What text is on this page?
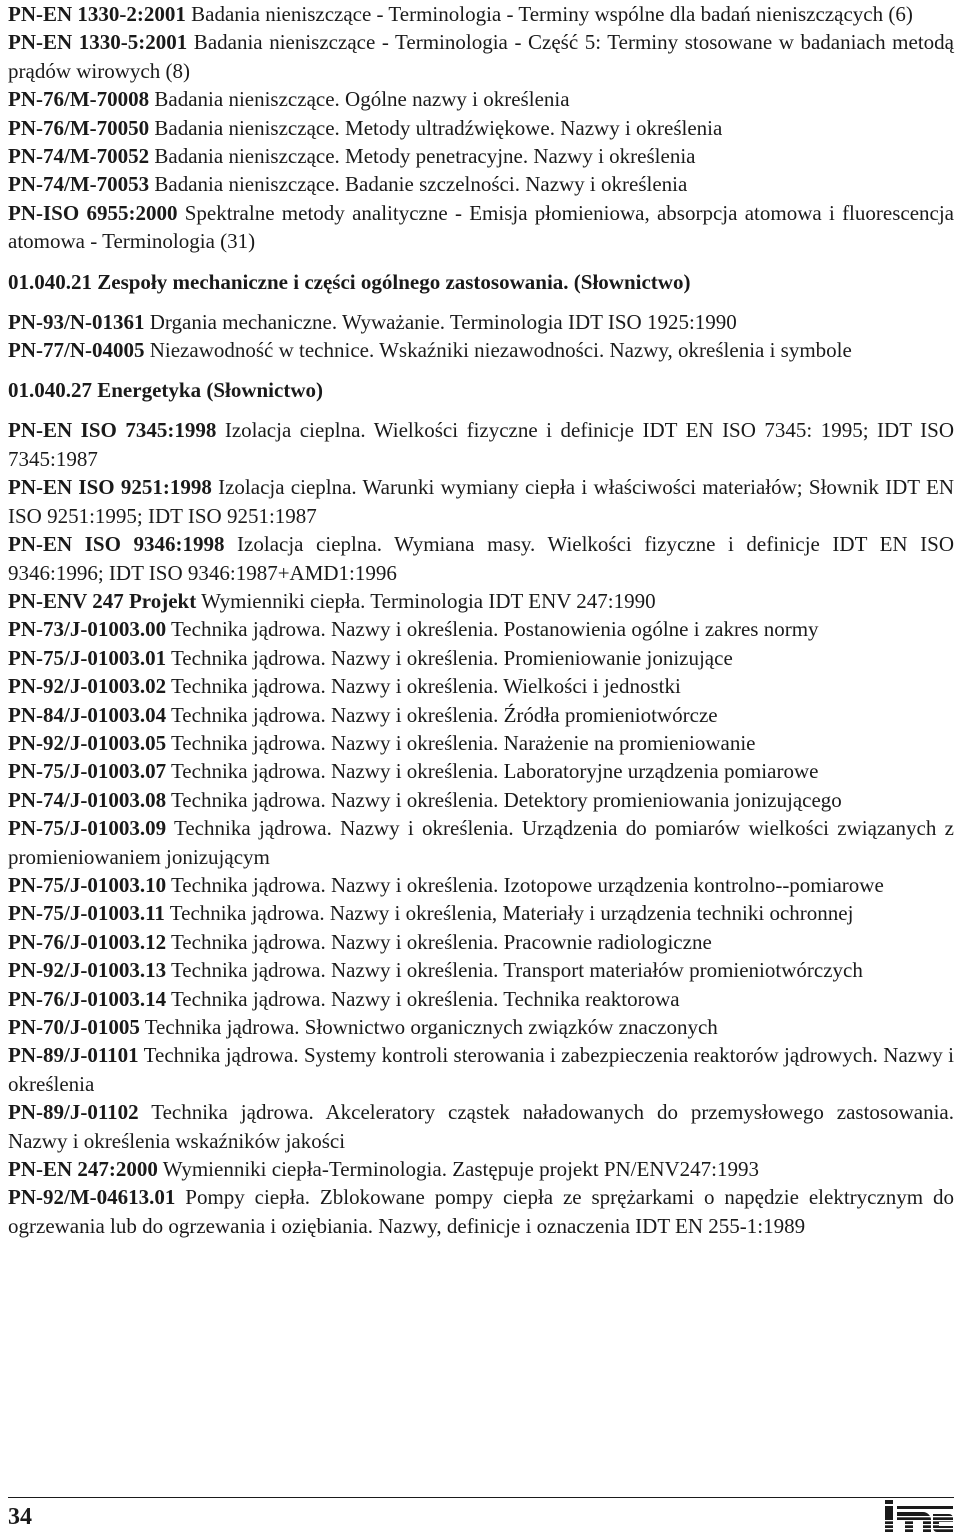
PN-EN 1330-2:2001 Badania nieniszczące - Terminologia - Terminy wspólne dla badań nieniszczących (6)
PN-EN 1330-5:2001 Badania nieniszczące - Terminologia - Część 5: Terminy stosowane w badaniach metodą prądów wirowych (8)
PN-76/M-70008 Badania nieniszczące. Ogólne nazwy i określenia
PN-76/M-70050 Badania nieniszczące. Metody ultradźwiękowe. Nazwy i określenia
PN-74/M-70052 Badania nieniszczące. Metody penetracyjne. Nazwy i określenia
PN-74/M-70053 Badania nieniszczące. Badanie szczelności. Nazwy i określenia
PN-ISO 6955:2000 Spektralne metody analityczne - Emisja płomieniowa, absorpcja atomowa i fluorescencja atomowa - Terminologia (31)
01.040.21 Zespoły mechaniczne i części ogólnego zastosowania. (Słownictwo)
PN-93/N-01361 Drgania mechaniczne. Wyważanie. Terminologia IDT ISO 1925:1990
PN-77/N-04005 Niezawodność w technice. Wskaźniki niezawodności. Nazwy, określenia i symbole
01.040.27 Energetyka (Słownictwo)
PN-EN ISO 7345:1998 Izolacja cieplna. Wielkości fizyczne i definicje IDT EN ISO 7345: 1995; IDT ISO 7345:1987
PN-EN ISO 9251:1998 Izolacja cieplna. Warunki wymiany ciepła i właściwości materiałów; Słownik IDT EN ISO 9251:1995; IDT ISO 9251:1987
PN-EN ISO 9346:1998 Izolacja cieplna. Wymiana masy. Wielkości fizyczne i definicje IDT EN ISO 9346:1996; IDT ISO 9346:1987+AMD1:1996
PN-ENV 247 Projekt Wymienniki ciepła. Terminologia IDT ENV 247:1990
PN-73/J-01003.00 Technika jądrowa. Nazwy i określenia. Postanowienia ogólne i zakres normy
PN-75/J-01003.01 Technika jądrowa. Nazwy i określenia. Promieniowanie jonizujące
PN-92/J-01003.02 Technika jądrowa. Nazwy i określenia. Wielkości i jednostki
PN-84/J-01003.04 Technika jądrowa. Nazwy i określenia. Źródła promieniotwórcze
PN-92/J-01003.05 Technika jądrowa. Nazwy i określenia. Narażenie na promieniowanie
PN-75/J-01003.07 Technika jądrowa. Nazwy i określenia. Laboratoryjne urządzenia pomiarowe
PN-74/J-01003.08 Technika jądrowa. Nazwy i określenia. Detektory promieniowania jonizującego
PN-75/J-01003.09 Technika jądrowa. Nazwy i określenia. Urządzenia do pomiarów wielkości związanych z promieniowaniem jonizującym
PN-75/J-01003.10 Technika jądrowa. Nazwy i określenia. Izotopowe urządzenia kontrolno--pomiarowe
PN-75/J-01003.11 Technika jądrowa. Nazwy i określenia, Materiały i urządzenia techniki ochronnej
PN-76/J-01003.12 Technika jądrowa. Nazwy i określenia. Pracownie radiologiczne
PN-92/J-01003.13 Technika jądrowa. Nazwy i określenia. Transport materiałów promieniotwórczych
PN-76/J-01003.14 Technika jądrowa. Nazwy i określenia. Technika reaktorowa
PN-70/J-01005 Technika jądrowa. Słownictwo organicznych związków znaczonych
PN-89/J-01101 Technika jądrowa. Systemy kontroli sterowania i zabezpieczenia reaktorów jądrowych. Nazwy i określenia
PN-89/J-01102 Technika jądrowa. Akceleratory cząstek naładowanych do przemysłowego zastosowania. Nazwy i określenia wskaźników jakości
PN-EN 247:2000 Wymienniki ciepła-Terminologia. Zastępuje projekt PN/ENV247:1993
PN-92/M-04613.01 Pompy ciepła. Zblokowane pompy ciepła ze sprężarkami o napędzie elektrycznym do ogrzewania lub do ogrzewania i oziębiania. Nazwy, definicje i oznaczenia IDT EN 255-1:1989
34
